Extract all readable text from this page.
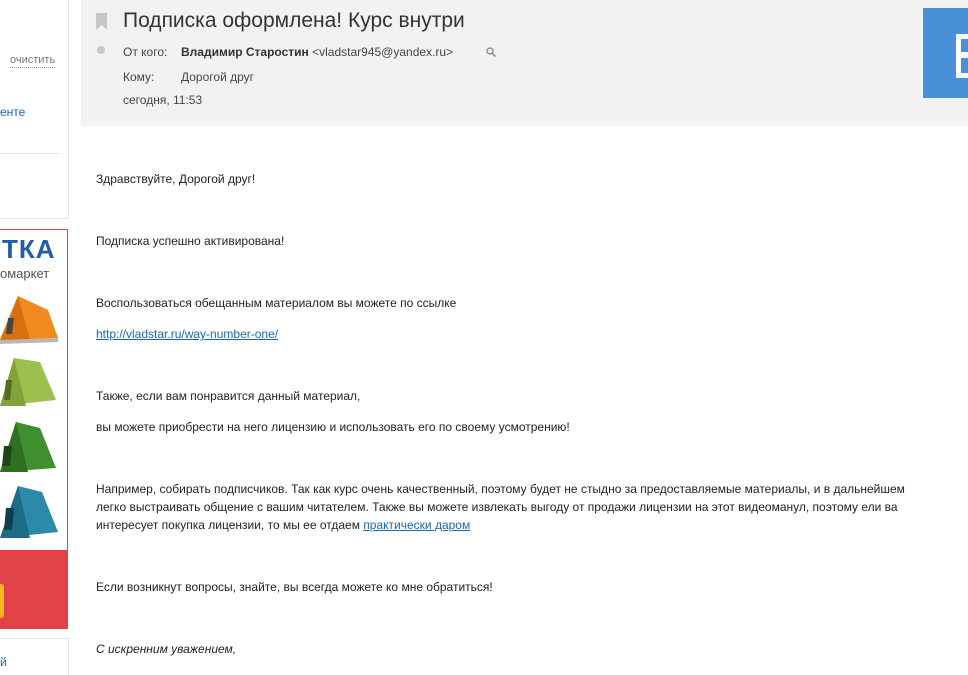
очистить
енте
ТКА
омаркет
й
Подписка оформлена! Курс внутри
От кого: Владимир Старостин <vladstar945@yandex.ru>
Кому: Дорогой друг
сегодня, 11:53
Здравствуйте, Дорогой друг!
Подписка успешно активирована!
Воспользоваться обещанным материалом вы можете по ссылке
http://vladstar.ru/way-number-one/
Также, если вам понравится данный материал,
вы можете приобрести на него лицензию и использовать его по своему усмотрению!
Например, собирать подписчиков. Так как курс очень качественный, поэтому будет не стыдно за предоставляемые материалы, и в дальнейшем
легко выстраивать общение с вашим читателем. Также вы можете извлекать выгоду от продажи лицензии на этот видеоманул, поэтому ели ва
интересует покупка лицензии, то мы ее отдаем практически даром
Если возникнут вопросы, знайте, вы всегда можете ко мне обратиться!
С искренним уважением,
